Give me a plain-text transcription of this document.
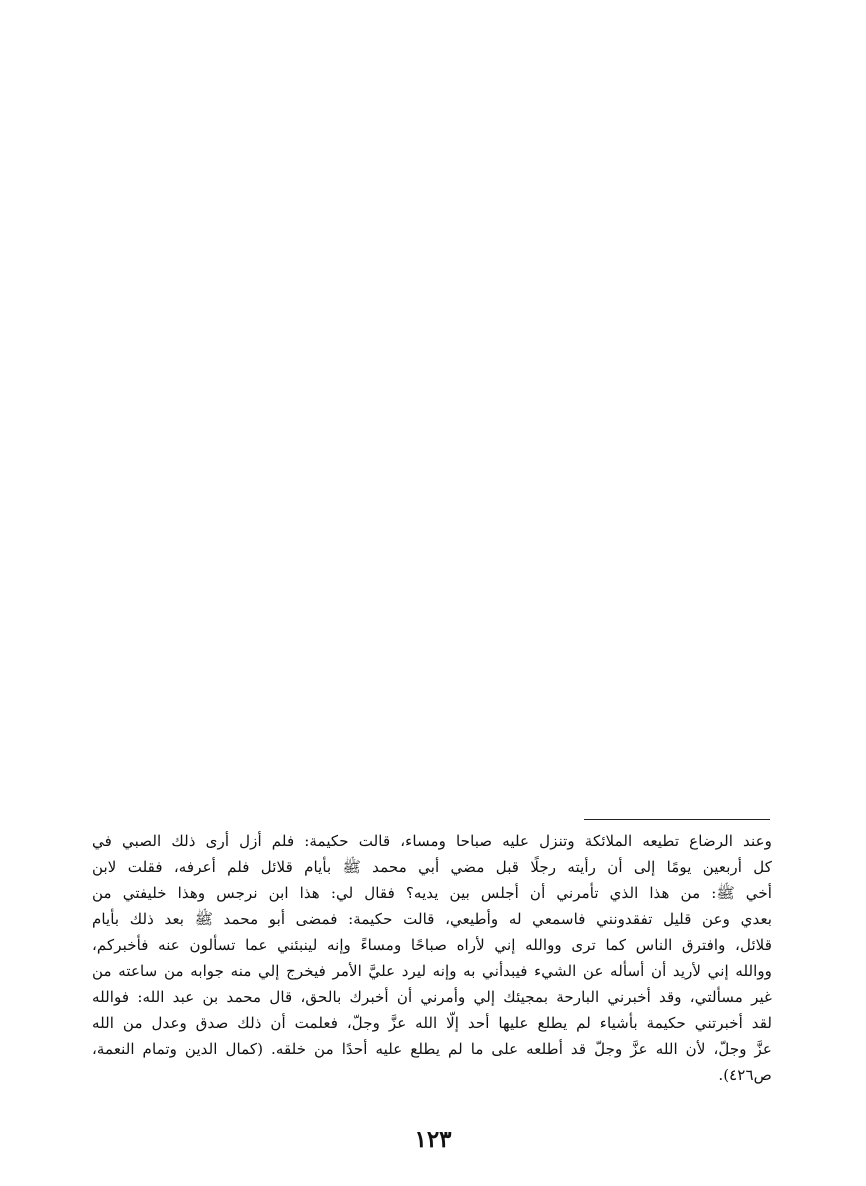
وعند الرضاع تطيعه الملائكة وتنزل عليه صباحا ومساء، قالت حكيمة: فلم أزل أرى ذلك الصبي في
كل أربعين يومًا إلى أن رأيته رجلًا قبل مضي أبي محمد ﷺ بأيام قلائل فلم أعرفه، فقلت لابن
أخي ﷺ: من هذا الذي تأمرني أن أجلس بين يديه؟ فقال لي: هذا ابن نرجس وهذا خليفتي من
بعدي وعن قليل تفقدونني فاسمعي له وأطيعي، قالت حكيمة: فمضى أبو محمد ﷺ بعد ذلك بأيام
قلائل، وافترق الناس كما ترى ووالله إني لأراه صباحًا ومساءً وإنه لينبئني عما تسألون عنه فأخبركم،
ووالله إني لأريد أن أسأله عن الشيء فيبدأني به وإنه ليرد عليَّ الأمر فيخرج إلي منه جوابه من ساعته من
غير مسألتي، وقد أخبرني البارحة بمجيئك إلي وأمرني أن أخبرك بالحق، قال محمد بن عبد الله: فوالله
لقد أخبرتني حكيمة بأشياء لم يطلع عليها أحد إلّا الله عزَّ وجلّ، فعلمت أن ذلك صدق وعدل من الله
عزَّ وجلّ، لأن الله عزَّ وجلّ قد أطلعه على ما لم يطلع عليه أحدًا من خلقه. (كمال الدين وتمام النعمة،
ص٤٢٦).
١٢٣
